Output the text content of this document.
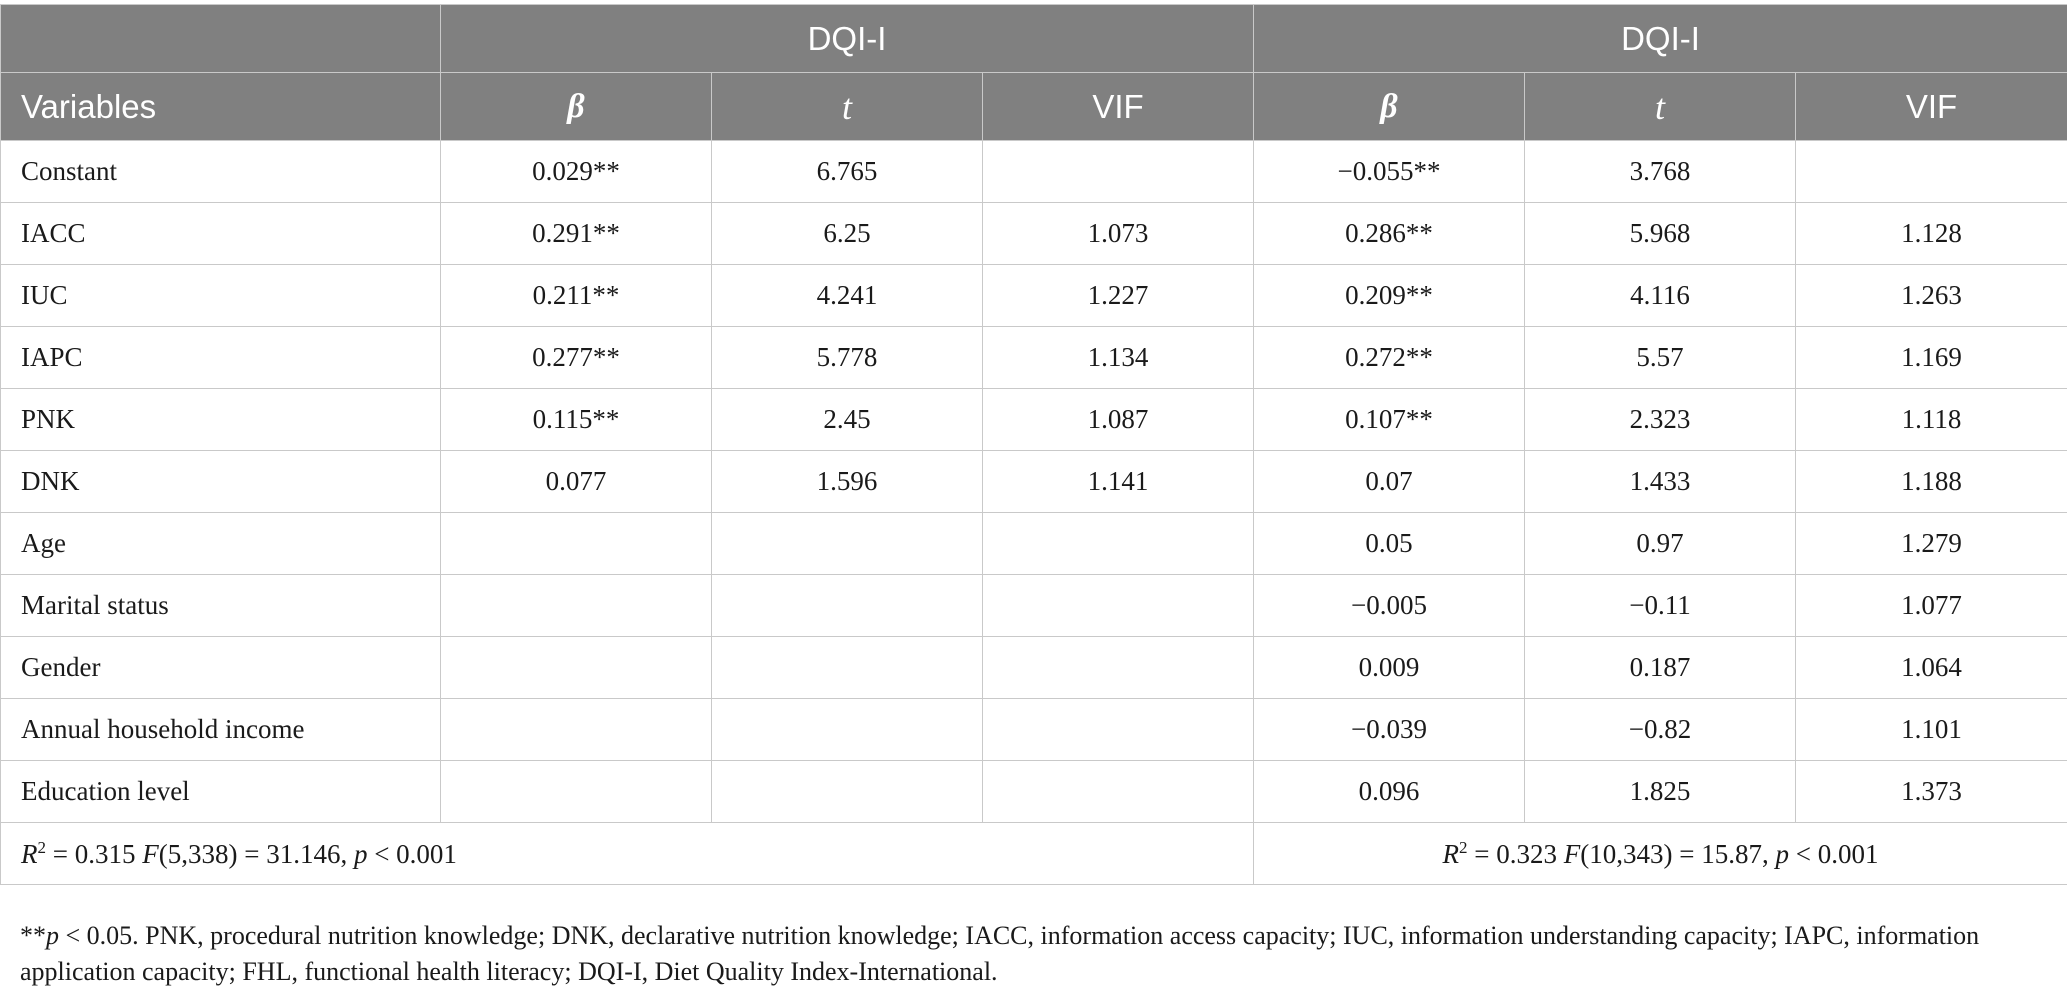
	DQI-I			DQI-I		
Variables	β	t	VIF	β	t	VIF
Constant	0.029**	6.765		−0.055**	3.768	
IACC	0.291**	6.25	1.073	0.286**	5.968	1.128
IUC	0.211**	4.241	1.227	0.209**	4.116	1.263
IAPC	0.277**	5.778	1.134	0.272**	5.57	1.169
PNK	0.115**	2.45	1.087	0.107**	2.323	1.118
DNK	0.077	1.596	1.141	0.07	1.433	1.188
Age				0.05	0.97	1.279
Marital status				−0.005	−0.11	1.077
Gender				0.009	0.187	1.064
Annual household income				−0.039	−0.82	1.101
Education level				0.096	1.825	1.373
$R^2 = 0.315$ F(5,338) = 31.146, p < 0.001				$R^2 = 0.323$ F(10,343) = 15.87, p < 0.001		
**p < 0.05. PNK, procedural nutrition knowledge; DNK, declarative nutrition knowledge; IACC, information access capacity; IUC, information understanding capacity; IAPC, information application capacity; FHL, functional health literacy; DQI-I, Diet Quality Index-International.
